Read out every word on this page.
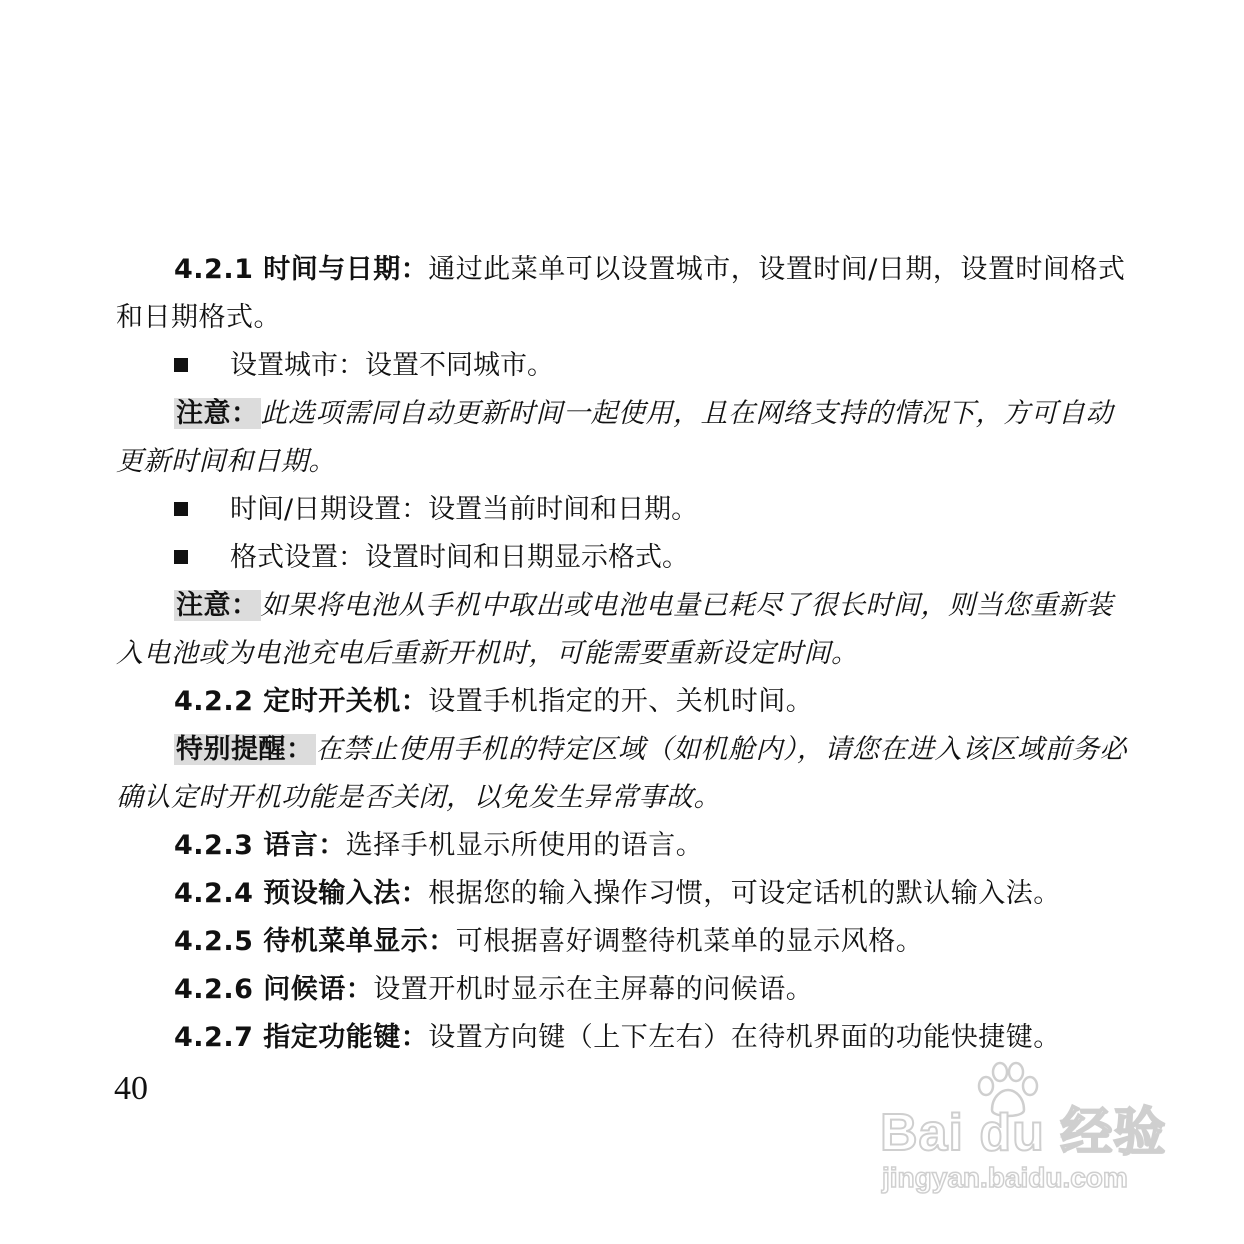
4.2.1 时间与日期：通过此菜单可以设置城市，设置时间/日期，设置时间格式和日期格式。

设置城市：设置不同城市。

注意：此选项需同自动更新时间一起使用，且在网络支持的情况下，方可自动更新时间和日期。

时间/日期设置：设置当前时间和日期。

格式设置：设置时间和日期显示格式。

注意：如果将电池从手机中取出或电池电量已耗尽了很长时间，则当您重新装入电池或为电池充电后重新开机时，可能需要重新设定时间。

4.2.2 定时开关机：设置手机指定的开、关机时间。

特别提醒：在禁止使用手机的特定区域（如机舱内），请您在进入该区域前务必确认定时开机功能是否关闭，以免发生异常事故。

4.2.3 语言：选择手机显示所使用的语言。

4.2.4 预设输入法：根据您的输入操作习惯，可设定话机的默认输入法。

4.2.5 待机菜单显示：可根据喜好调整待机菜单的显示风格。

4.2.6 问候语：设置开机时显示在主屏幕的问候语。

4.2.7 指定功能键：设置方向键（上下左右）在待机界面的功能快捷键。

40
Bai du 经验
jingyan.baidu.com
